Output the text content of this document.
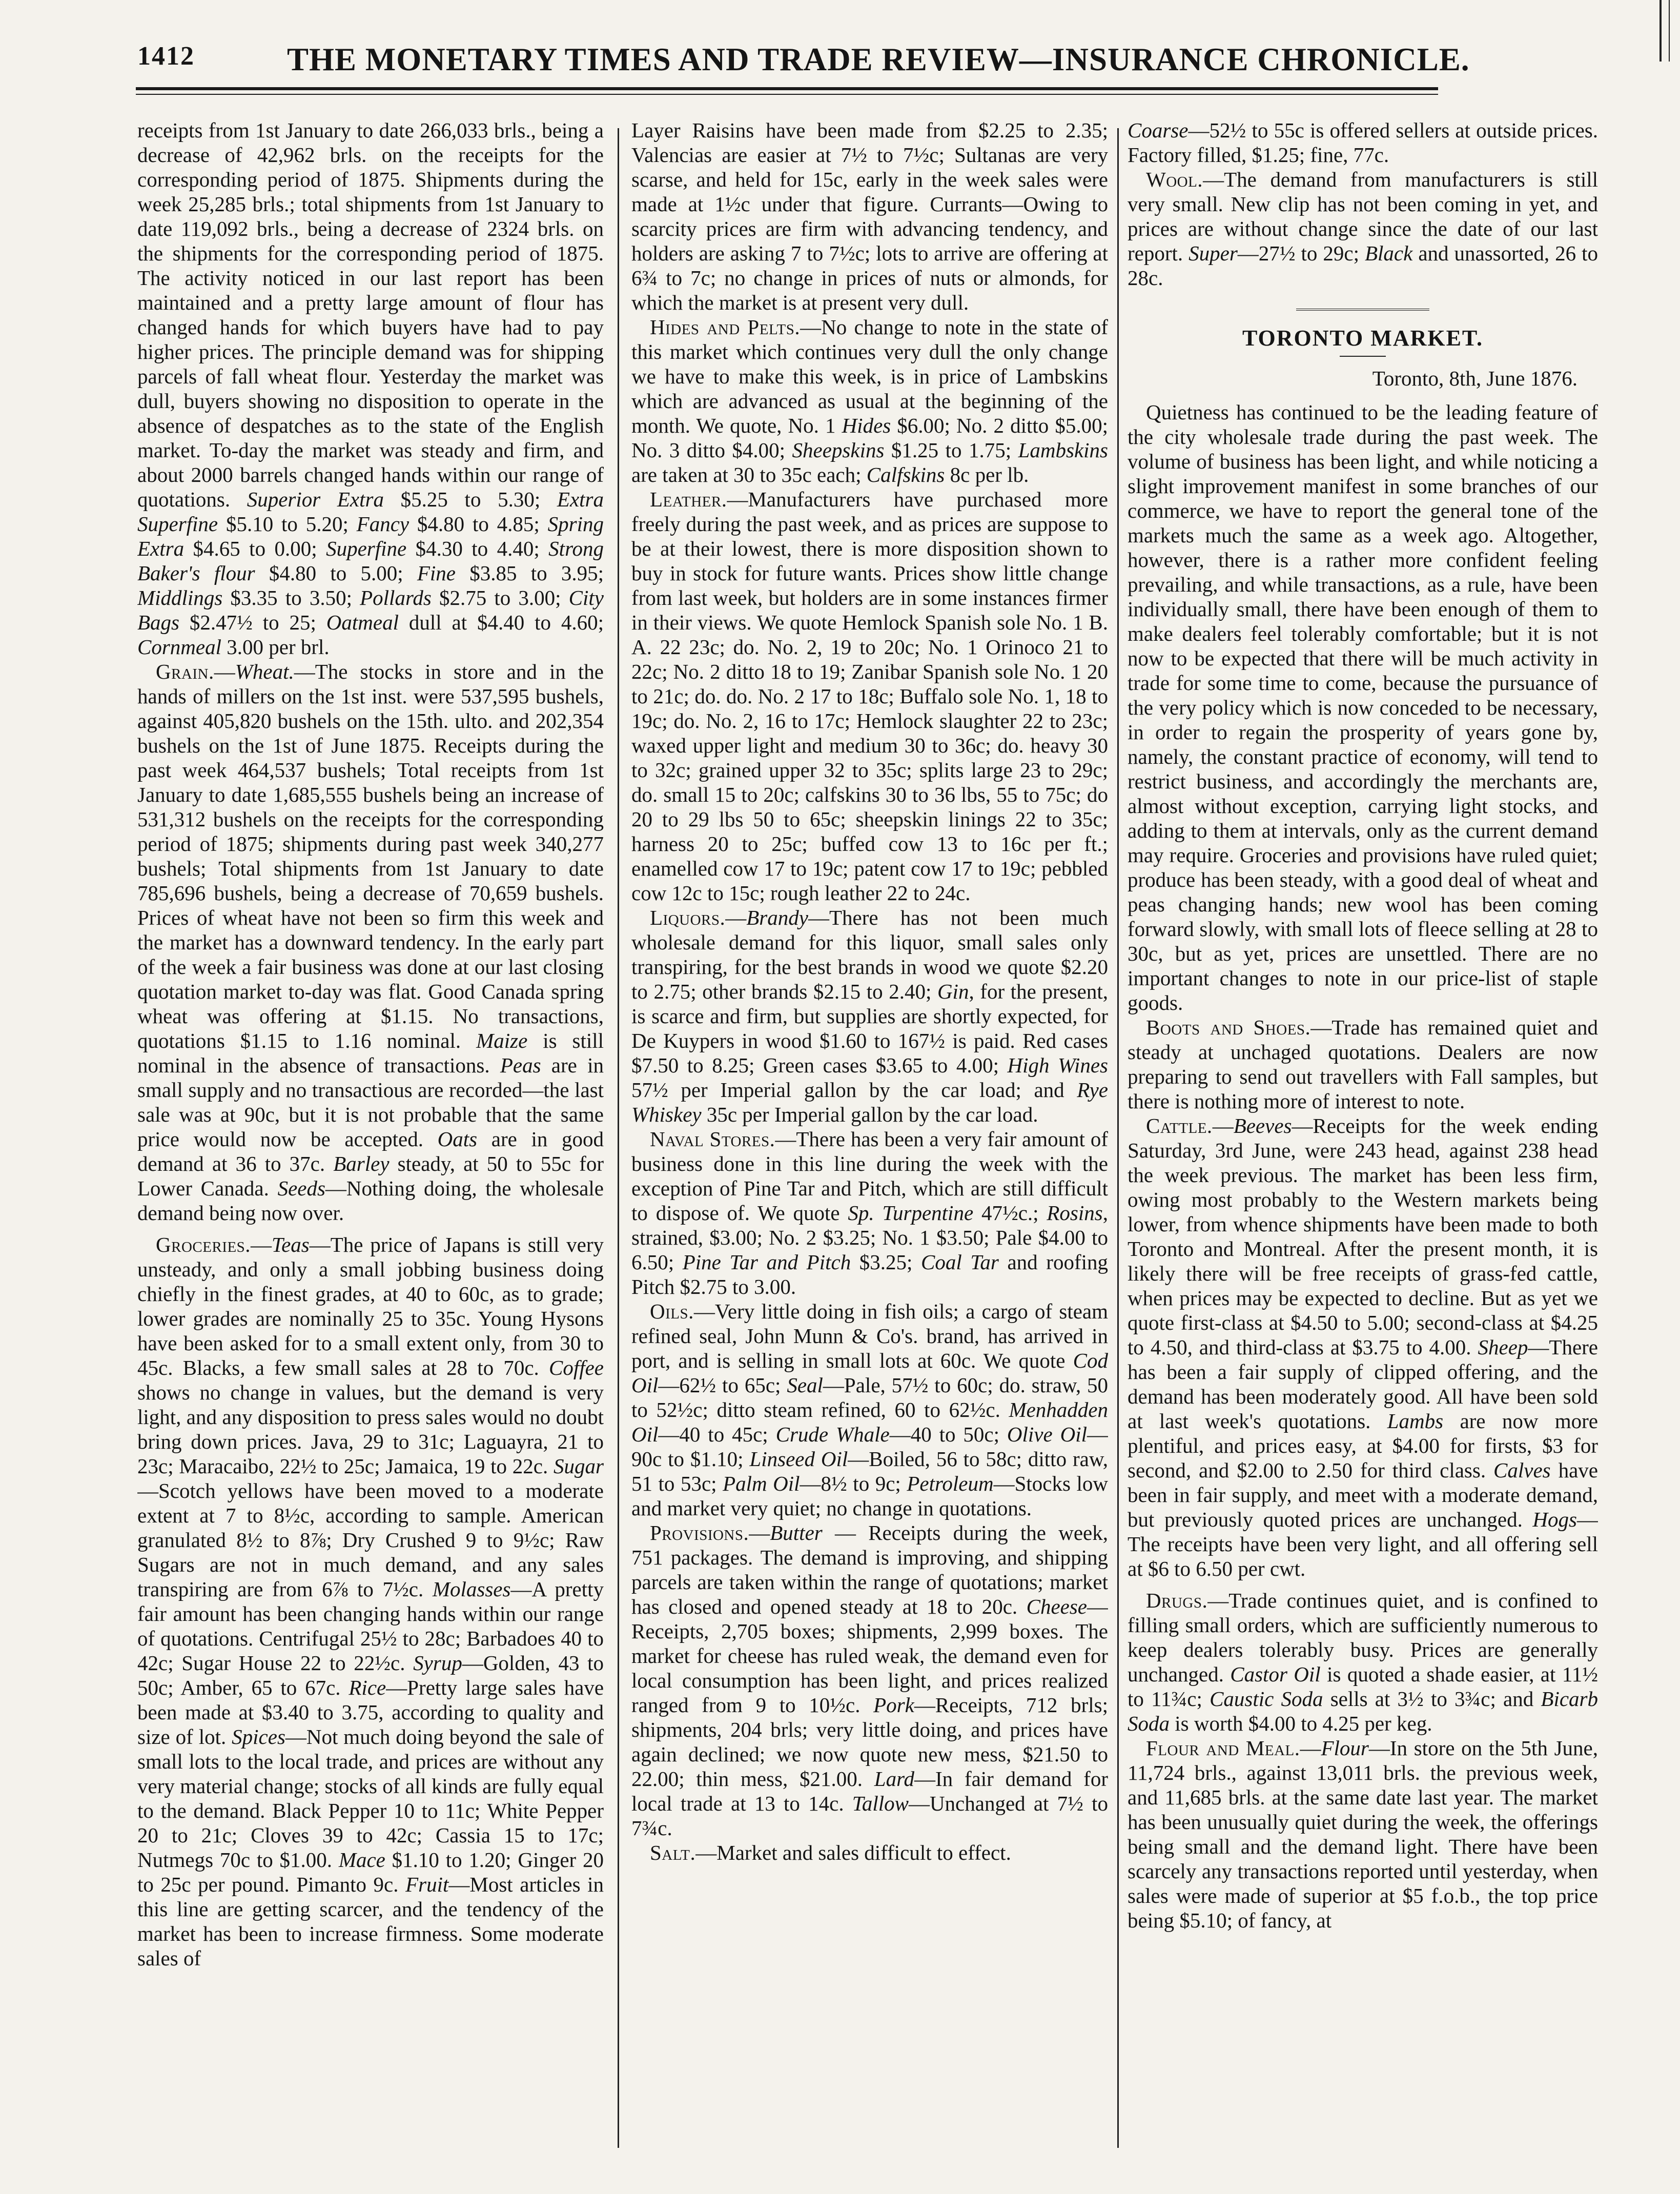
1412	THE MONETARY TIMES AND TRADE REVIEW—INSURANCE CHRONICLE.

receipts from 1st January to date 266,033 brls., being a decrease of 42,962 brls. on the receipts for the corresponding period of 1875. Shipments during the week 25,285 brls.; total shipments from 1st January to date 119,092 brls., being a decrease of 2324 brls. on the shipments for the corresponding period of 1875. The activity noticed in our last report has been maintained and a pretty large amount of flour has changed hands for which buyers have had to pay higher prices. The principle demand was for shipping parcels of fall wheat flour. Yesterday the market was dull, buyers showing no disposition to operate in the absence of despatches as to the state of the English market. To-day the market was steady and firm, and about 2000 barrels changed hands within our range of quotations. Superior Extra $5.25 to 5.30; Extra Superfine $5.10 to 5.20; Fancy $4.80 to 4.85; Spring Extra $4.65 to 0.00; Superfine $4.30 to 4.40; Strong Baker's flour $4.80 to 5.00; Fine $3.85 to 3.95; Middlings $3.35 to 3.50; Pollards $2.75 to 3.00; City Bags $2.47½ to 25; Oatmeal dull at $4.40 to 4.60; Cornmeal 3.00 per brl.

Grain.—Wheat.—The stocks in store and in the hands of millers on the 1st inst. were 537,595 bushels, against 405,820 bushels on the 15th. ulto. and 202,354 bushels on the 1st of June 1875. Receipts during the past week 464,537 bushels; Total receipts from 1st January to date 1,685,555 bushels being an increase of 531,312 bushels on the receipts for the corresponding period of 1875; shipments during past week 340,277 bushels; Total shipments from 1st January to date 785,696 bushels, being a decrease of 70,659 bushels. Prices of wheat have not been so firm this week and the market has a downward tendency. In the early part of the week a fair business was done at our last closing quotation market to-day was flat. Good Canada spring wheat was offering at $1.15. No transactions, quotations $1.15 to 1.16 nominal. Maize is still nominal in the absence of transactions. Peas are in small supply and no transactious are recorded—the last sale was at 90c, but it is not probable that the same price would now be accepted. Oats are in good demand at 36 to 37c. Barley steady, at 50 to 55c for Lower Canada. Seeds—Nothing doing, the wholesale demand being now over.

Groceries.—Teas—The price of Japans is still very unsteady, and only a small jobbing business doing chiefly in the finest grades, at 40 to 60c, as to grade; lower grades are nominally 25 to 35c. Young Hysons have been asked for to a small extent only, from 30 to 45c. Blacks, a few small sales at 28 to 70c. Coffee shows no change in values, but the demand is very light, and any disposition to press sales would no doubt bring down prices. Java, 29 to 31c; Laguayra, 21 to 23c; Maracaibo, 22½ to 25c; Jamaica, 19 to 22c. Sugar—Scotch yellows have been moved to a moderate extent at 7 to 8½c, according to sample. American granulated 8½ to 8⅞; Dry Crushed 9 to 9½c; Raw Sugars are not in much demand, and any sales transpiring are from 6⅞ to 7½c. Molasses—A pretty fair amount has been changing hands within our range of quotations. Centrifugal 25½ to 28c; Barbadoes 40 to 42c; Sugar House 22 to 22½c. Syrup—Golden, 43 to 50c; Amber, 65 to 67c. Rice—Pretty large sales have been made at $3.40 to 3.75, according to quality and size of lot. Spices—Not much doing beyond the sale of small lots to the local trade, and prices are without any very material change; stocks of all kinds are fully equal to the demand. Black Pepper 10 to 11c; White Pepper 20 to 21c; Cloves 39 to 42c; Cassia 15 to 17c; Nutmegs 70c to $1.00. Mace $1.10 to 1.20; Ginger 20 to 25c per pound. Pimanto 9c. Fruit—Most articles in this line are getting scarcer, and the tendency of the market has been to increase firmness. Some moderate sales of

Layer Raisins have been made from $2.25 to 2.35; Valencias are easier at 7½ to 7½c; Sultanas are very scarse, and held for 15c, early in the week sales were made at 1½c under that figure. Currants—Owing to scarcity prices are firm with advancing tendency, and holders are asking 7 to 7½c; lots to arrive are offering at 6¾ to 7c; no change in prices of nuts or almonds, for which the market is at present very dull.

Hides and Pelts.—No change to note in the state of this market which continues very dull the only change we have to make this week, is in price of Lambskins which are advanced as usual at the beginning of the month. We quote, No. 1 Hides $6.00; No. 2 ditto $5.00; No. 3 ditto $4.00; Sheepskins $1.25 to 1.75; Lambskins are taken at 30 to 35c each; Calfskins 8c per lb.

Leather.—Manufacturers have purchased more freely during the past week, and as prices are suppose to be at their lowest, there is more disposition shown to buy in stock for future wants. Prices show little change from last week, but holders are in some instances firmer in their views. We quote Hemlock Spanish sole No. 1 B. A. 22 23c; do. No. 2, 19 to 20c; No. 1 Orinoco 21 to 22c; No. 2 ditto 18 to 19; Zanibar Spanish sole No. 1 20 to 21c; do. do. No. 2 17 to 18c; Buffalo sole No. 1, 18 to 19c; do. No. 2, 16 to 17c; Hemlock slaughter 22 to 23c; waxed upper light and medium 30 to 36c; do. heavy 30 to 32c; grained upper 32 to 35c; splits large 23 to 29c; do. small 15 to 20c; calfskins 30 to 36 lbs, 55 to 75c; do 20 to 29 lbs 50 to 65c; sheepskin linings 22 to 35c; harness 20 to 25c; buffed cow 13 to 16c per ft.; enamelled cow 17 to 19c; patent cow 17 to 19c; pebbled cow 12c to 15c; rough leather 22 to 24c.

Liquors.—Brandy—There has not been much wholesale demand for this liquor, small sales only transpiring, for the best brands in wood we quote $2.20 to 2.75; other brands $2.15 to 2.40; Gin, for the present, is scarce and firm, but supplies are shortly expected, for De Kuypers in wood $1.60 to 167½ is paid. Red cases $7.50 to 8.25; Green cases $3.65 to 4.00; High Wines 57½ per Imperial gallon by the car load; and Rye Whiskey 35c per Imperial gallon by the car load.

Naval Stores.—There has been a very fair amount of business done in this line during the week with the exception of Pine Tar and Pitch, which are still difficult to dispose of. We quote Sp. Turpentine 47½c.; Rosins, strained, $3.00; No. 2 $3.25; No. 1 $3.50; Pale $4.00 to 6.50; Pine Tar and Pitch $3.25; Coal Tar and roofing Pitch $2.75 to 3.00.

Oils.—Very little doing in fish oils; a cargo of steam refined seal, John Munn & Co's. brand, has arrived in port, and is selling in small lots at 60c. We quote Cod Oil—62½ to 65c; Seal—Pale, 57½ to 60c; do. straw, 50 to 52½c; ditto steam refined, 60 to 62½c. Menhadden Oil—40 to 45c; Crude Whale—40 to 50c; Olive Oil—90c to $1.10; Linseed Oil—Boiled, 56 to 58c; ditto raw, 51 to 53c; Palm Oil—8½ to 9c; Petroleum—Stocks low and market very quiet; no change in quotations.

Provisions.—Butter — Receipts during the week, 751 packages. The demand is improving, and shipping parcels are taken within the range of quotations; market has closed and opened steady at 18 to 20c. Cheese—Receipts, 2,705 boxes; shipments, 2,999 boxes. The market for cheese has ruled weak, the demand even for local consumption has been light, and prices realized ranged from 9 to 10½c. Pork—Receipts, 712 brls; shipments, 204 brls; very little doing, and prices have again declined; we now quote new mess, $21.50 to 22.00; thin mess, $21.00. Lard—In fair demand for local trade at 13 to 14c. Tallow—Unchanged at 7½ to 7¾c.

Salt.—Market and sales difficult to effect.

Coarse—52½ to 55c is offered sellers at outside prices. Factory filled, $1.25; fine, 77c.

Wool.—The demand from manufacturers is still very small. New clip has not been coming in yet, and prices are without change since the date of our last report. Super—27½ to 29c; Black and unassorted, 26 to 28c.

TORONTO MARKET.

Toronto, 8th, June 1876.

Quietness has continued to be the leading feature of the city wholesale trade during the past week. The volume of business has been light, and while noticing a slight improvement manifest in some branches of our commerce, we have to report the general tone of the markets much the same as a week ago. Altogether, however, there is a rather more confident feeling prevailing, and while transactions, as a rule, have been individually small, there have been enough of them to make dealers feel tolerably comfortable; but it is not now to be expected that there will be much activity in trade for some time to come, because the pursuance of the very policy which is now conceded to be necessary, in order to regain the prosperity of years gone by, namely, the constant practice of economy, will tend to restrict business, and accordingly the merchants are, almost without exception, carrying light stocks, and adding to them at intervals, only as the current demand may require. Groceries and provisions have ruled quiet; produce has been steady, with a good deal of wheat and peas changing hands; new wool has been coming forward slowly, with small lots of fleece selling at 28 to 30c, but as yet, prices are unsettled. There are no important changes to note in our price-list of staple goods.

Boots and Shoes.—Trade has remained quiet and steady at unchaged quotations. Dealers are now preparing to send out travellers with Fall samples, but there is nothing more of interest to note.

Cattle.—Beeves—Receipts for the week ending Saturday, 3rd June, were 243 head, against 238 head the week previous. The market has been less firm, owing most probably to the Western markets being lower, from whence shipments have been made to both Toronto and Montreal. After the present month, it is likely there will be free receipts of grass-fed cattle, when prices may be expected to decline. But as yet we quote first-class at $4.50 to 5.00; second-class at $4.25 to 4.50, and third-class at $3.75 to 4.00. Sheep—There has been a fair supply of clipped offering, and the demand has been moderately good. All have been sold at last week's quotations. Lambs are now more plentiful, and prices easy, at $4.00 for firsts, $3 for second, and $2.00 to 2.50 for third class. Calves have been in fair supply, and meet with a moderate demand, but previously quoted prices are unchanged. Hogs—The receipts have been very light, and all offering sell at $6 to 6.50 per cwt.

Drugs.—Trade continues quiet, and is confined to filling small orders, which are sufficiently numerous to keep dealers tolerably busy. Prices are generally unchanged. Castor Oil is quoted a shade easier, at 11½ to 11¾c; Caustic Soda sells at 3½ to 3¾c; and Bicarb Soda is worth $4.00 to 4.25 per keg.

Flour and Meal.—Flour—In store on the 5th June, 11,724 brls., against 13,011 brls. the previous week, and 11,685 brls. at the same date last year. The market has been unusually quiet during the week, the offerings being small and the demand light. There have been scarcely any transactions reported until yesterday, when sales were made of superior at $5 f.o.b., the top price being $5.10; of fancy, at
